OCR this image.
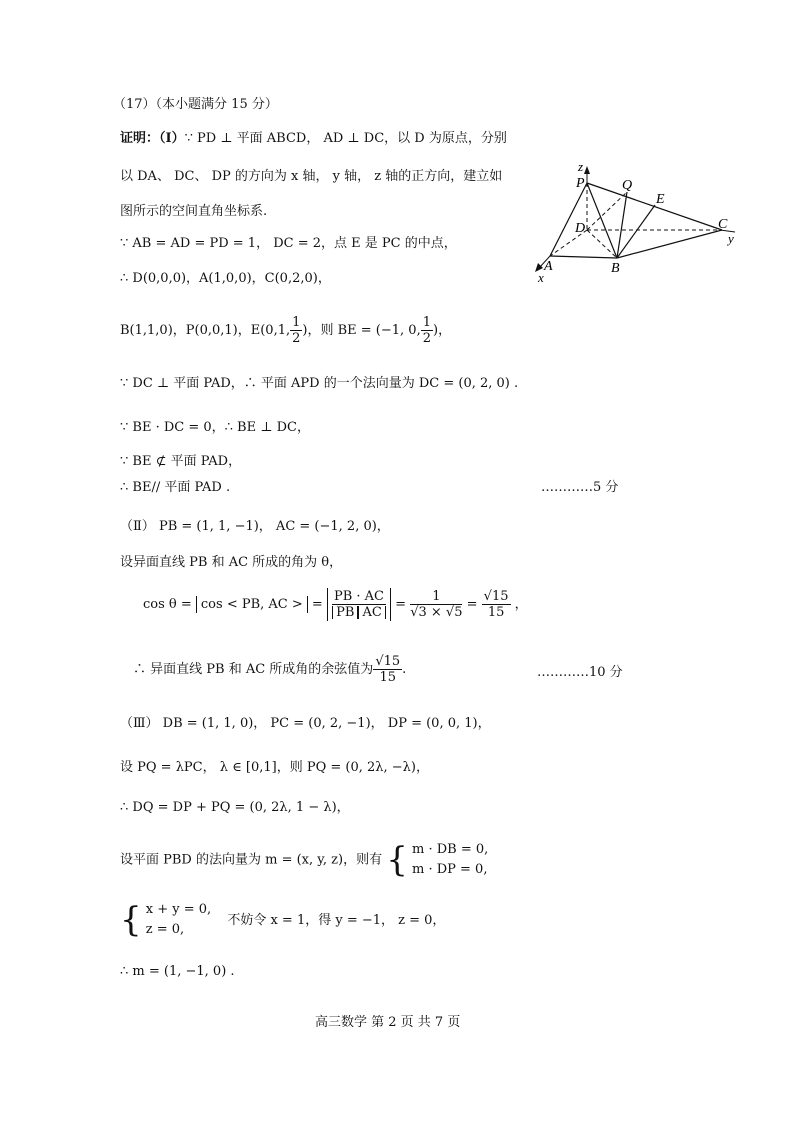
（17）（本小题满分 15 分）
证明：（Ⅰ）∵ PD ⊥ 平面 ABCD， AD ⊥ DC，以 D 为原点，分别
以 DA、 DC、 DP 的方向为 x 轴， y 轴， z 轴的正方向，建立如
图所示的空间直角坐标系.
∵ AB = AD = PD = 1， DC = 2，点 E 是 PC 的中点，
∴ D(0,0,0)，A(1,0,0)，C(0,2,0)，
B(1,1,0)，P(0,0,1)，E(0,1, $\frac{1}{2}$ )，则 BE = (−1, 0, $\frac{1}{2}$ )，
∵ DC ⊥ 平面 PAD，∴ 平面 APD 的一个法向量为 DC = (0, 2, 0) .
∵ BE · DC = 0，∴ BE ⊥ DC，
∵ BE ⊄ 平面 PAD，
∴ BE// 平面 PAD .	…………5 分
（Ⅱ） PB = (1, 1, −1)， AC = (−1, 2, 0)，
设异面直线 PB 和 AC 所成的角为 θ，
cos θ = cos < PB, AC > = $\frac{PB \cdot AC}{\text{PB AC}} = \frac{1}{√3 \times √5} = \frac{√15}{15}$ ，
∴ 异面直线 PB 和 AC 所成角的余弦值为 $\frac{√15}{15}$ .	…………10 分
（Ⅲ） DB = (1, 1, 0)， PC = (0, 2, −1)， DP = (0, 0, 1)，
设 PQ = λPC， λ ∈ [0,1]，则 PQ = (0, 2λ, −λ)，
∴ DQ = DP + PQ = (0, 2λ, 1 − λ)，
设平面 PBD 的法向量为 m = (x, y, z)，则有 { m · DB = 0,
m · DP = 0,
{ x + y = 0,
z = 0,
不妨令 x = 1，得 y = −1， z = 0，
∴ m = (1, −1, 0) .
高三数学 第 2 页 共 7 页
z
P	Q
E
D	C
y
A	B
x
